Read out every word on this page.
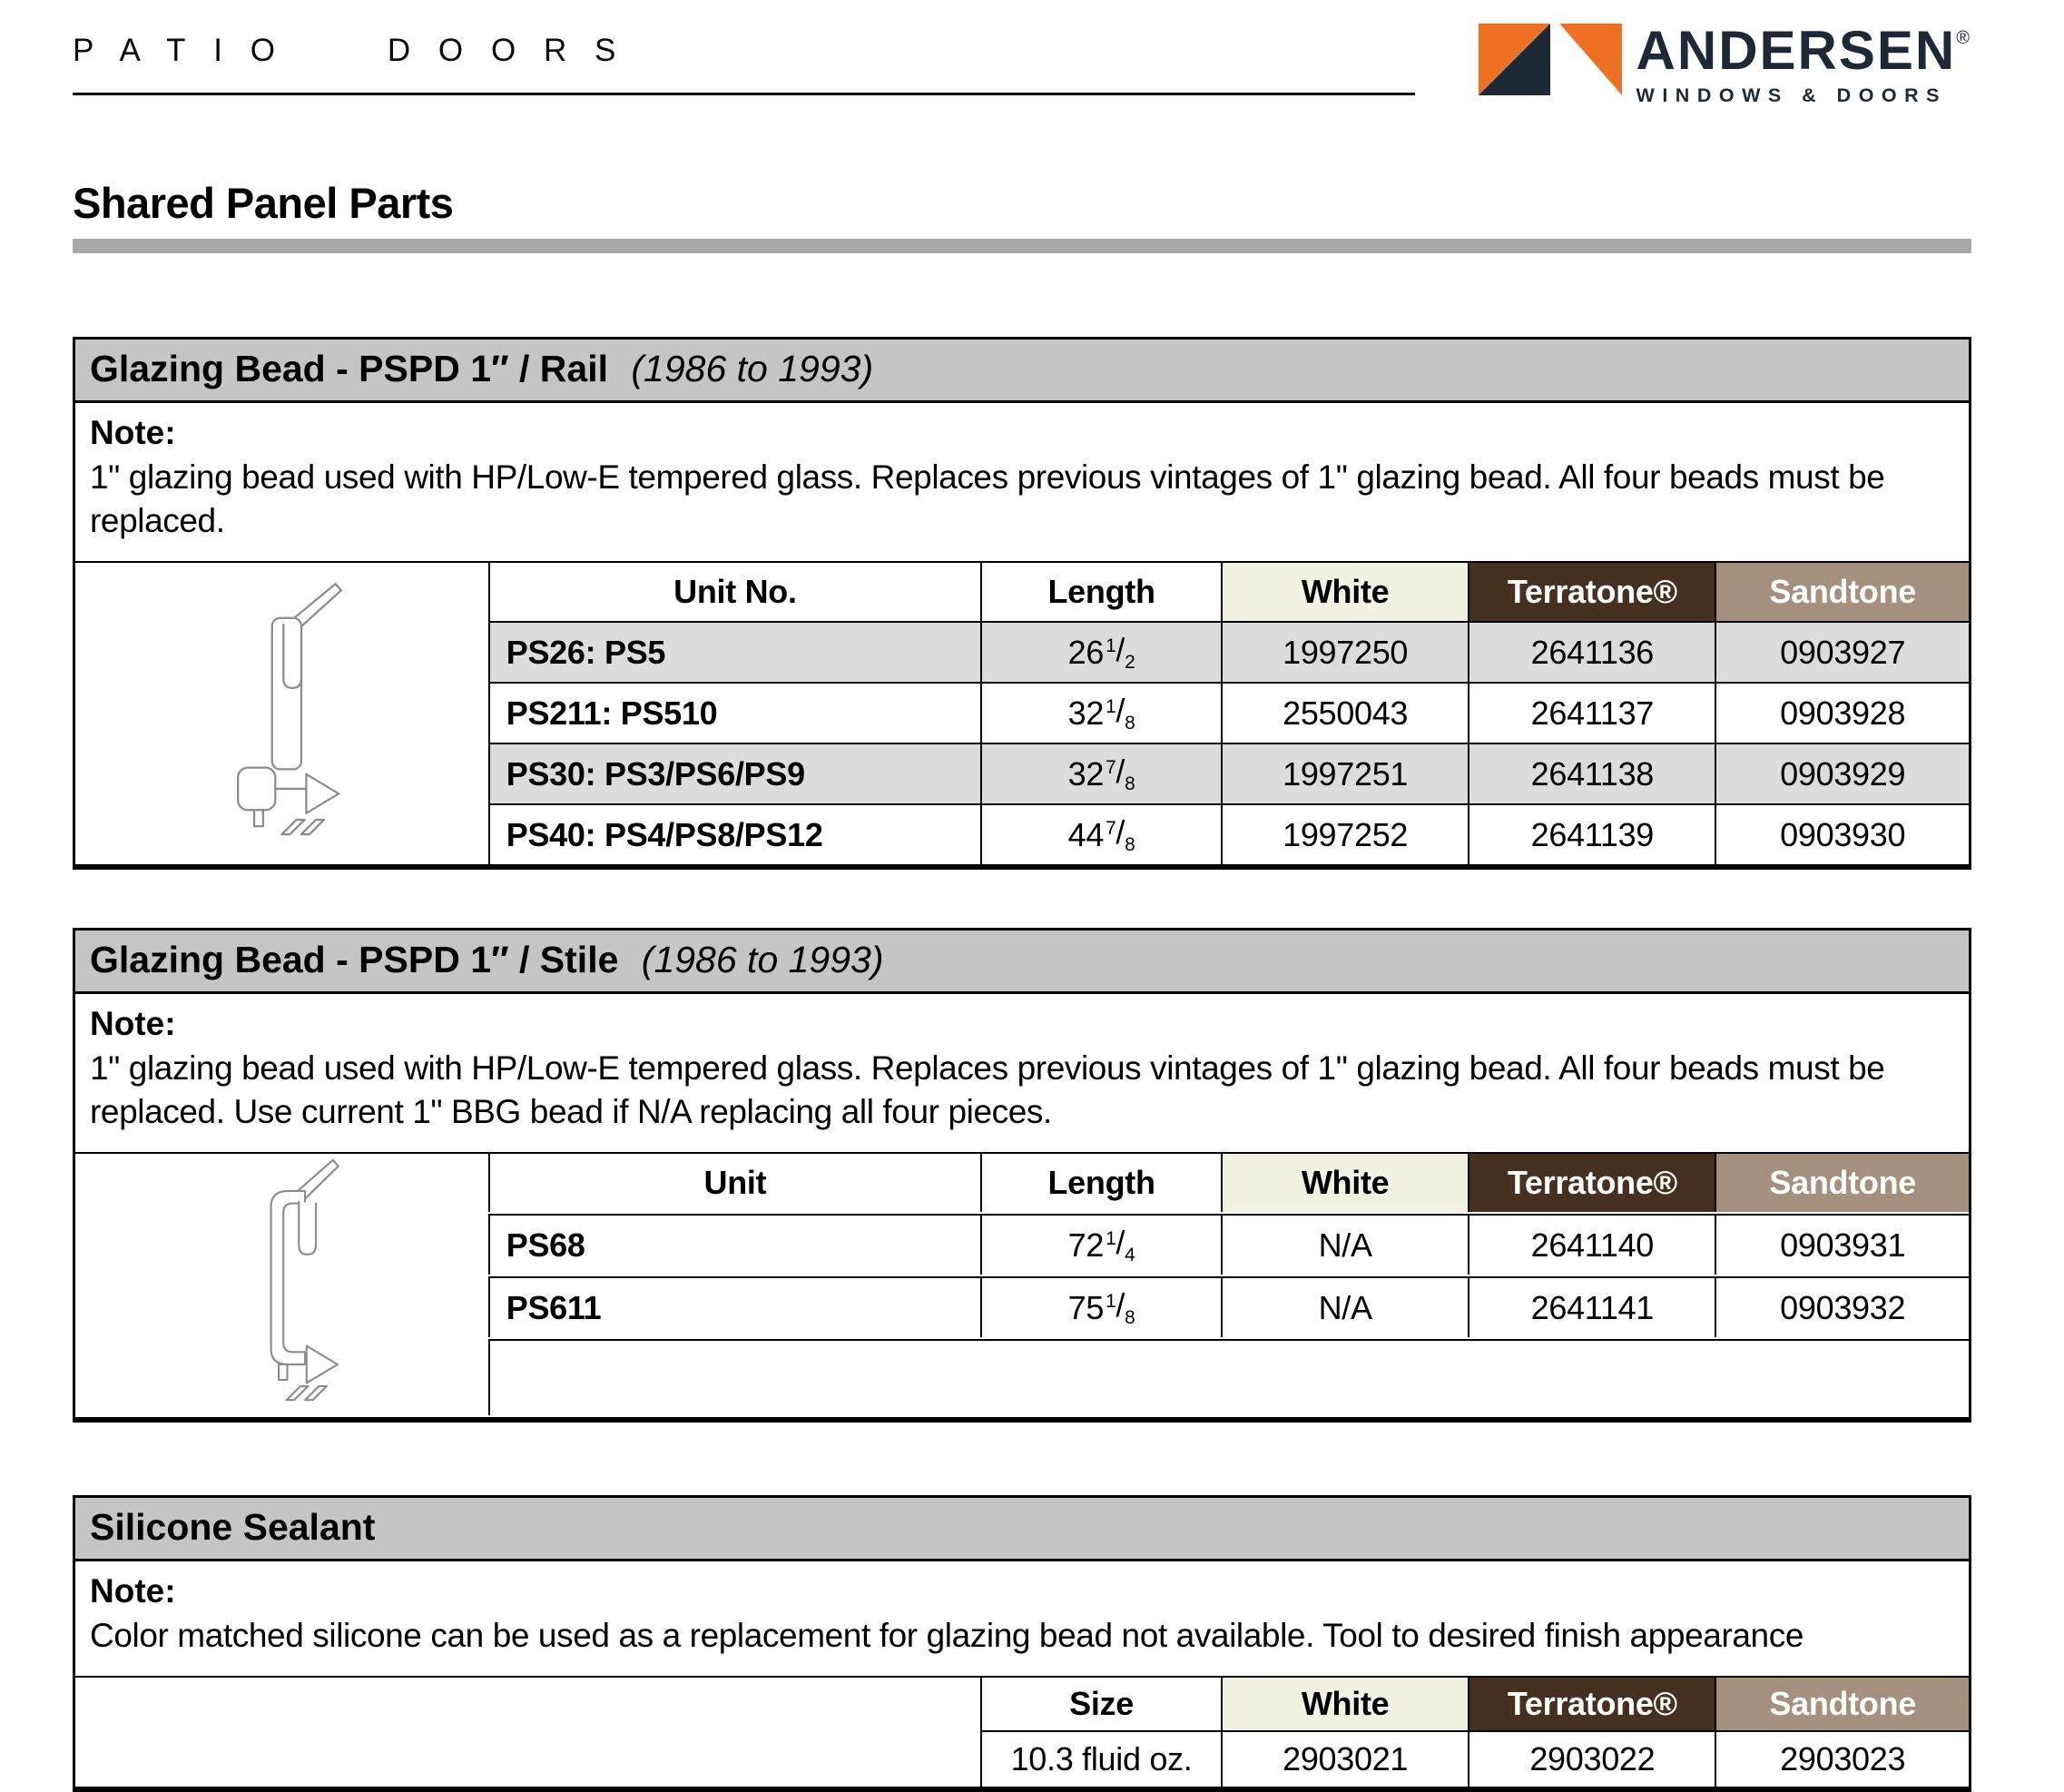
PATIO DOORS	ANDERSEN®
WINDOWS & DOORS
Shared Panel Parts
Glazing Bead - PSPD 1″ / Rail (1986 to 1993)
Note:
1" glazing bead used with HP/Low-E tempered glass. Replaces previous vintages of 1" glazing bead. All four beads must be replaced.
Unit No.	Length	White	Terratone®	Sandtone
PS26: PS5	26 $^1/_2$	1997250	2641136	0903927
PS211: PS510	32 $^1/_8$	2550043	2641137	0903928
PS30: PS3/PS6/PS9	32 $^7/_8$	1997251	2641138	0903929
PS40: PS4/PS8/PS12	44 $^7/_8$	1997252	2641139	0903930
Glazing Bead - PSPD 1″ / Stile (1986 to 1993)
Note:
1" glazing bead used with HP/Low-E tempered glass. Replaces previous vintages of 1" glazing bead. All four beads must be replaced. Use current 1" BBG bead if N/A replacing all four pieces.
Unit	Length	White	Terratone®	Sandtone
PS68	72 $^1/_4$	N/A	2641140	0903931
PS611	75 $^1/_8$	N/A	2641141	0903932
Silicone Sealant
Note:
Color matched silicone can be used as a replacement for glazing bead not available. Tool to desired finish appearance
Size	White	Terratone®	Sandtone
10.3 fluid oz.	2903021	2903022	2903023
